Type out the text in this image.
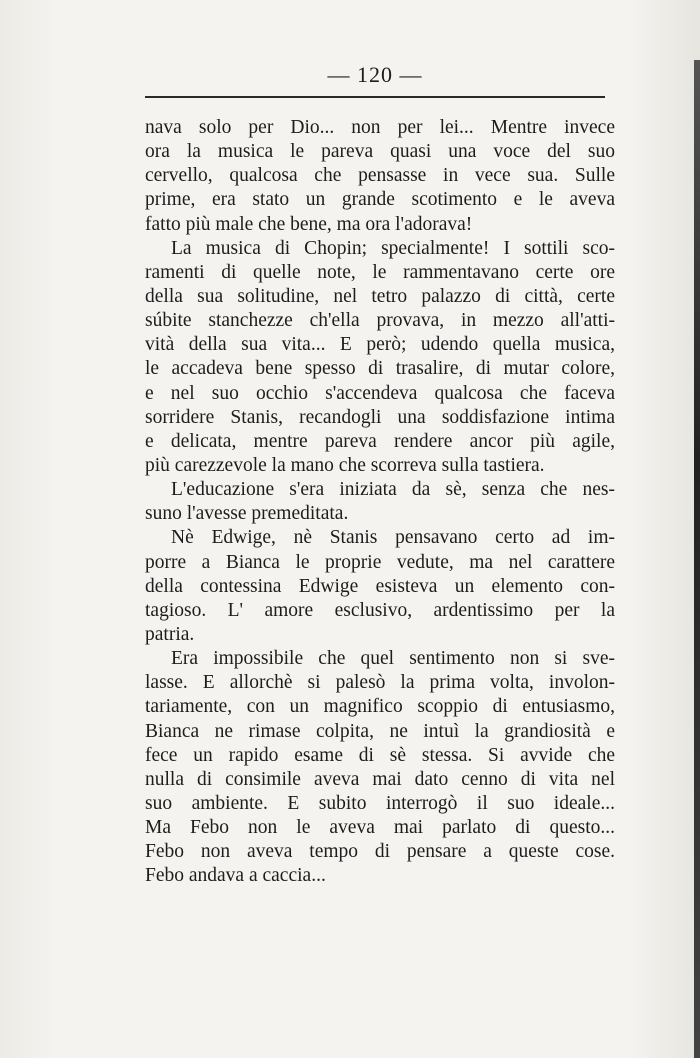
— 120 —
nava solo per Dio... non per lei... Mentre invece
ora la musica le pareva quasi una voce del suo
cervello, qualcosa che pensasse in vece sua. Sulle
prime, era stato un grande scotimento e le aveva
fatto più male che bene, ma ora l'adorava!
La musica di Chopin; specialmente! I sottili sco-
ramenti di quelle note, le rammentavano certe ore
della sua solitudine, nel tetro palazzo di città, certe
súbite stanchezze ch'ella provava, in mezzo all'atti-
vità della sua vita... E però; udendo quella musica,
le accadeva bene spesso di trasalire, di mutar colore,
e nel suo occhio s'accendeva qualcosa che faceva
sorridere Stanis, recandogli una soddisfazione intima
e delicata, mentre pareva rendere ancor più agile,
più carezzevole la mano che scorreva sulla tastiera.
L'educazione s'era iniziata da sè, senza che nes-
suno l'avesse premeditata.
Nè Edwige, nè Stanis pensavano certo ad im-
porre a Bianca le proprie vedute, ma nel carattere
della contessina Edwige esisteva un elemento con-
tagioso. L' amore esclusivo, ardentissimo per la
patria.
Era impossibile che quel sentimento non si sve-
lasse. E allorchè si palesò la prima volta, involon-
tariamente, con un magnifico scoppio di entusiasmo,
Bianca ne rimase colpita, ne intuì la grandiosità e
fece un rapido esame di sè stessa. Si avvide che
nulla di consimile aveva mai dato cenno di vita nel
suo ambiente. E subito interrogò il suo ideale...
Ma Febo non le aveva mai parlato di questo...
Febo non aveva tempo di pensare a queste cose.
Febo andava a caccia...
